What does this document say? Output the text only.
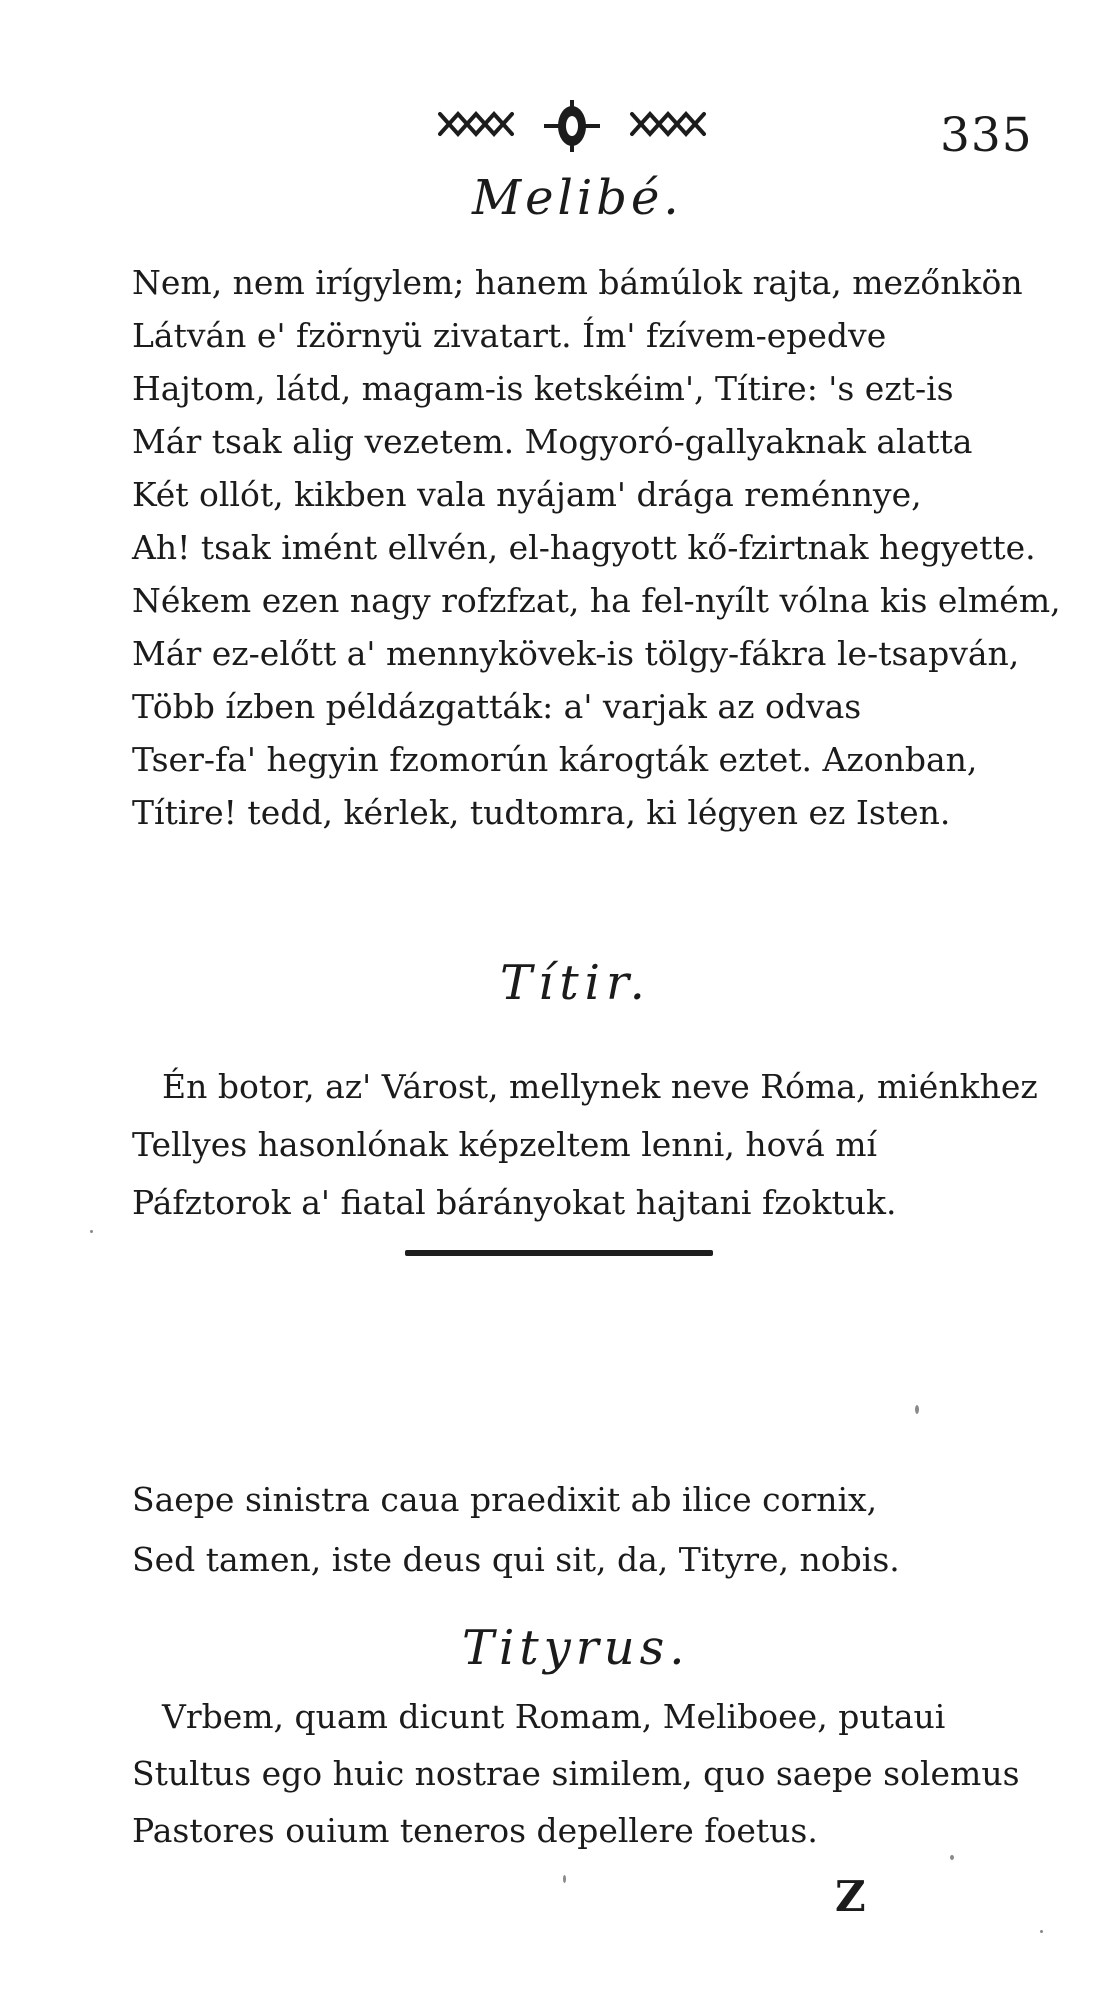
335
Melibé.
Nem, nem irígylem; hanem bámúlok rajta, mezőnkön
Látván e' fzörnyü zivatart. Ím' fzívem-epedve
Hajtom, látd, magam-is ketskéim', Títire: 's ezt-is
Már tsak alig vezetem. Mogyoró-gallyaknak alatta
Két ollót, kikben vala nyájam' drága reménnye,
Ah! tsak imént ellvén, el-hagyott kő-fzirtnak hegyette.
Nékem ezen nagy rofzfzat, ha fel-nyílt vólna kis elmém,
Már ez-előtt a' mennykövek-is tölgy-fákra le-tsapván,
Több ízben példázgatták: a' varjak az odvas
Tser-fa' hegyin fzomorún károgták eztet. Azonban,
Títire! tedd, kérlek, tudtomra, ki légyen ez Isten.
Títir.
Én botor, az' Várost, mellynek neve Róma, miénkhez
Tellyes hasonlónak képzeltem lenni, hová mí
Páfztorok a' fiatal bárányokat hajtani fzoktuk.
Saepe sinistra caua praedixit ab ilice cornix,
Sed tamen, iste deus qui sit, da, Tityre, nobis.
Tityrus.
Vrbem, quam dicunt Romam, Meliboee, putaui
Stultus ego huic nostrae similem, quo saepe solemus
Pastores ouium teneros depellere foetus.
Z
